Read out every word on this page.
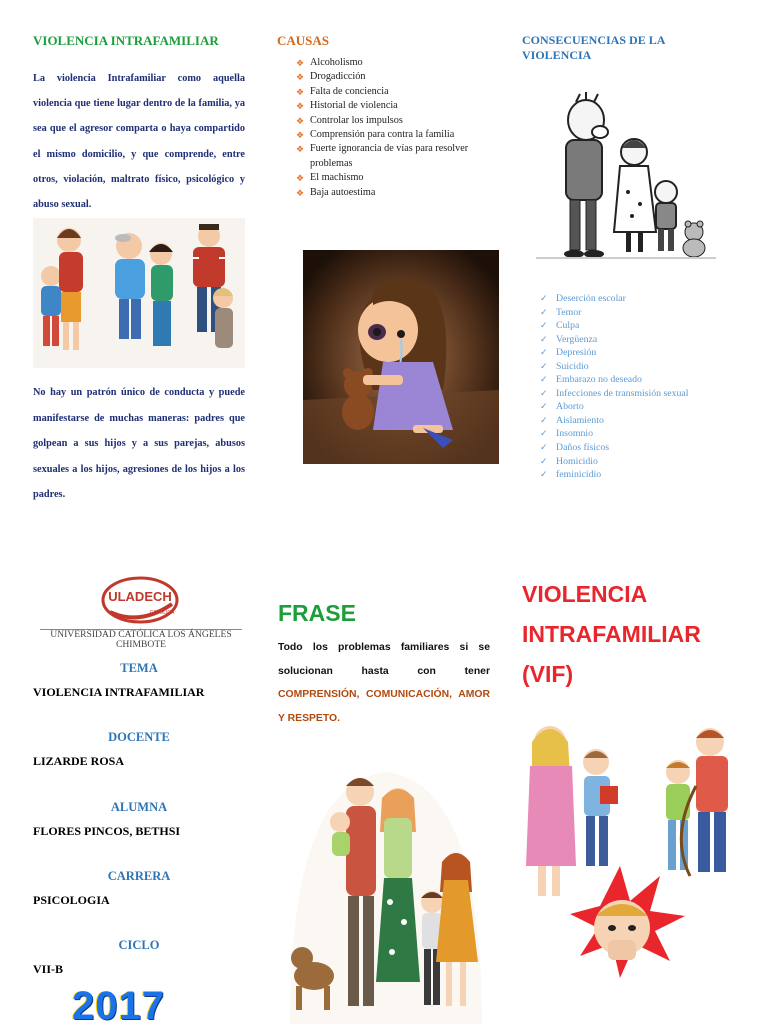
VIOLENCIA INTRAFAMILIAR
La violencia Intrafamiliar como aquella violencia que tiene lugar dentro de la familia, ya sea que el agresor comparta o haya compartido el mismo domicilio, y que comprende, entre otros, violación, maltrato físico, psicológico y abuso sexual.
No hay un patrón único de conducta y puede manifestarse de muchas maneras: padres que golpean a sus hijos y a sus parejas, abusos sexuales a los hijos, agresiones de los hijos a los padres.
CAUSAS
❖ Alcoholismo
❖ Drogadicción
❖ Falta de conciencia
❖ Historial de violencia
❖ Controlar los impulsos
❖ Comprensión para contra la familia
❖ Fuerte ignorancia de vías para resolver problemas
❖ El machismo
❖ Baja autoestima
CONSECUENCIAS DE LA VIOLENCIA
✓ Deserción escolar
✓ Temor
✓ Culpa
✓ Vergüenza
✓ Depresión
✓ Suicidio
✓ Embarazo no deseado
✓ Infecciones de transmisión sexual
✓ Aborto
✓ Aislamiento
✓ Insomnio
✓ Daños físicos
✓ Homicidio
✓ feminicidio
ULADECH
CATÓLICA
UNIVERSIDAD CATÓLICA LOS ÁNGELES
CHIMBOTE
TEMA
VIOLENCIA INTRAFAMILIAR
DOCENTE
LIZARDE ROSA
ALUMNA
FLORES PINCOS, BETHSI
CARRERA
PSICOLOGIA
CICLO
VII-B
2017
FRASE
Todo los problemas familiares si se solucionan hasta con tener COMPRENSIÓN, COMUNICACIÓN, AMOR Y RESPETO.
VIOLENCIA
INTRAFAMILIAR
(VIF)
